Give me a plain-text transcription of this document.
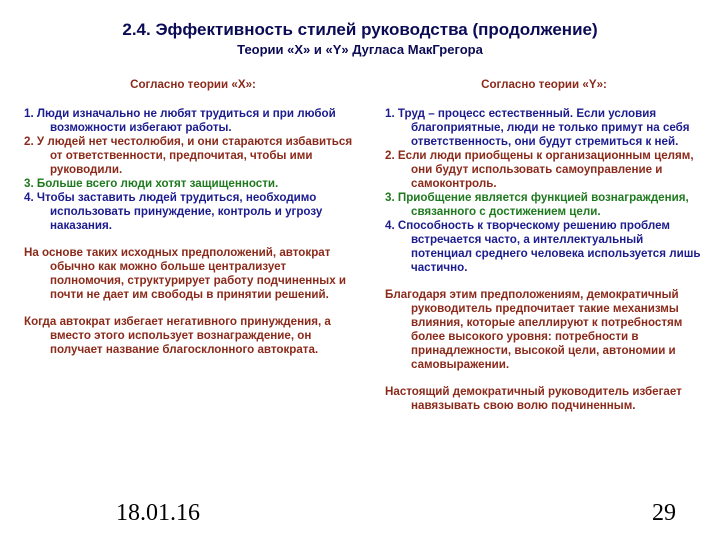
2.4. Эффективность стилей руководства (продолжение)
Теории «X» и «Y» Дугласа МакГрегора
Согласно теории «X»:
1. Люди изначально не любят трудиться и при любой возможности избегают работы.
2. У людей нет честолюбия, и они стараются избавиться от ответственности, предпочитая, чтобы ими руководили.
3. Больше всего люди хотят защищенности.
4. Чтобы заставить людей трудиться, необходимо использовать принуждение, контроль и угрозу наказания.
На основе таких исходных предположений, автократ обычно как можно больше централизует полномочия, структурирует работу подчиненных и почти не дает им свободы в принятии решений.
Когда автократ избегает негативного принуждения, а вместо этого использует вознаграждение, он получает название благосклонного автократа.
Согласно теории «Y»:
1. Труд – процесс естественный. Если условия благоприятные, люди не только примут на себя ответственность, они будут стремиться к ней.
2. Если люди приобщены к организационным целям, они будут использовать самоуправление и самоконтроль.
3. Приобщение является функцией вознаграждения, связанного с достижением цели.
4. Способность к творческому решению проблем встречается часто, а интеллектуальный потенциал среднего человека используется лишь частично.
Благодаря этим предположениям, демократичный руководитель предпочитает такие механизмы влияния, которые апеллируют к потребностям более высокого уровня: потребности в принадлежности, высокой цели, автономии и самовыражении.
Настоящий демократичный руководитель избегает навязывать свою волю подчиненным.
18.01.16	29
